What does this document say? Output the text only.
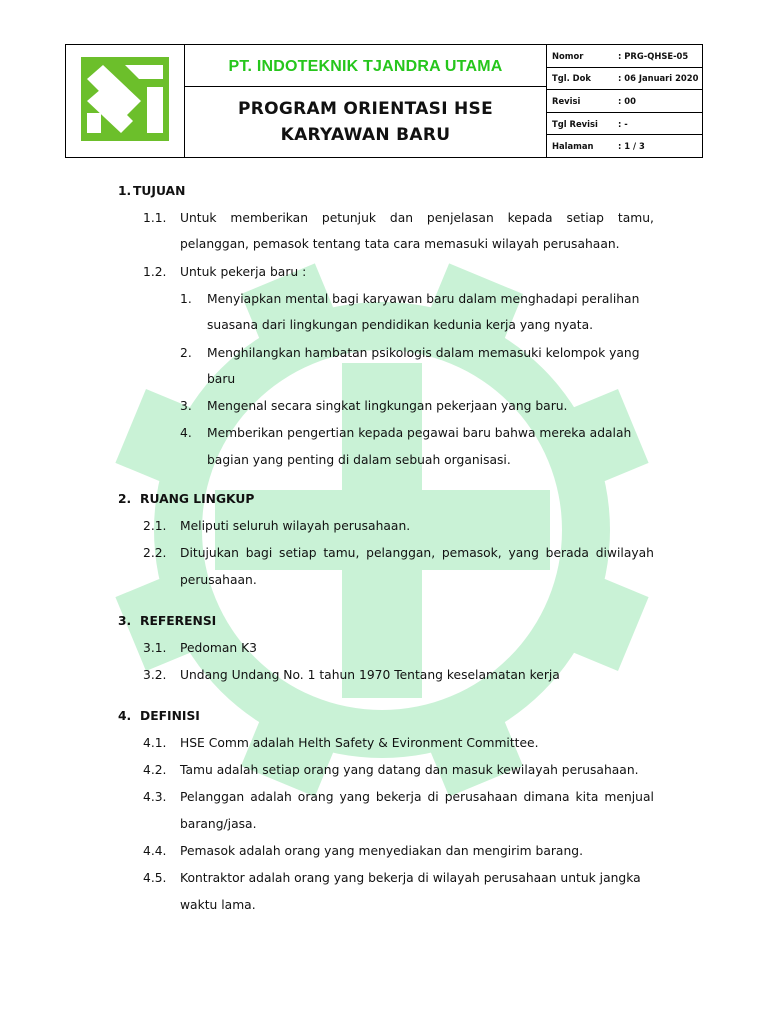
	PT. INDOTEKNIK TJANDRA UTAMA	
Nomor	: PRG-QHSE-05
Tgl. Dok	: 06 Januari 2020
Revisi	: 00
Tgl Revisi	: -
Halaman	: 1 / 3

PROGRAM ORIENTASI HSE
KARYAWAN BARU
1. TUJUAN
1.1. Untuk memberikan petunjuk dan penjelasan kepada setiap tamu,
pelanggan, pemasok tentang tata cara memasuki wilayah perusahaan.
1.2. Untuk pekerja baru :
1. Menyiapkan mental bagi karyawan baru dalam menghadapi peralihan
suasana dari lingkungan pendidikan kedunia kerja yang nyata.
2. Menghilangkan hambatan psikologis dalam memasuki kelompok yang
baru
3. Mengenal secara singkat lingkungan pekerjaan yang baru.
4. Memberikan pengertian kepada pegawai baru bahwa mereka adalah
bagian yang penting di dalam sebuah organisasi.
2. RUANG LINGKUP
2.1. Meliputi seluruh wilayah perusahaan.
2.2. Ditujukan bagi setiap tamu, pelanggan, pemasok, yang berada diwilayah
perusahaan.
3. REFERENSI
3.1. Pedoman K3
3.2. Undang Undang No. 1 tahun 1970 Tentang keselamatan kerja
4. DEFINISI
4.1. HSE Comm adalah Helth Safety & Evironment Committee.
4.2. Tamu adalah setiap orang yang datang dan masuk kewilayah perusahaan.
4.3. Pelanggan adalah orang yang bekerja di perusahaan dimana kita menjual
barang/jasa.
4.4. Pemasok adalah orang yang menyediakan dan mengirim barang.
4.5. Kontraktor adalah orang yang bekerja di wilayah perusahaan untuk jangka
waktu lama.
